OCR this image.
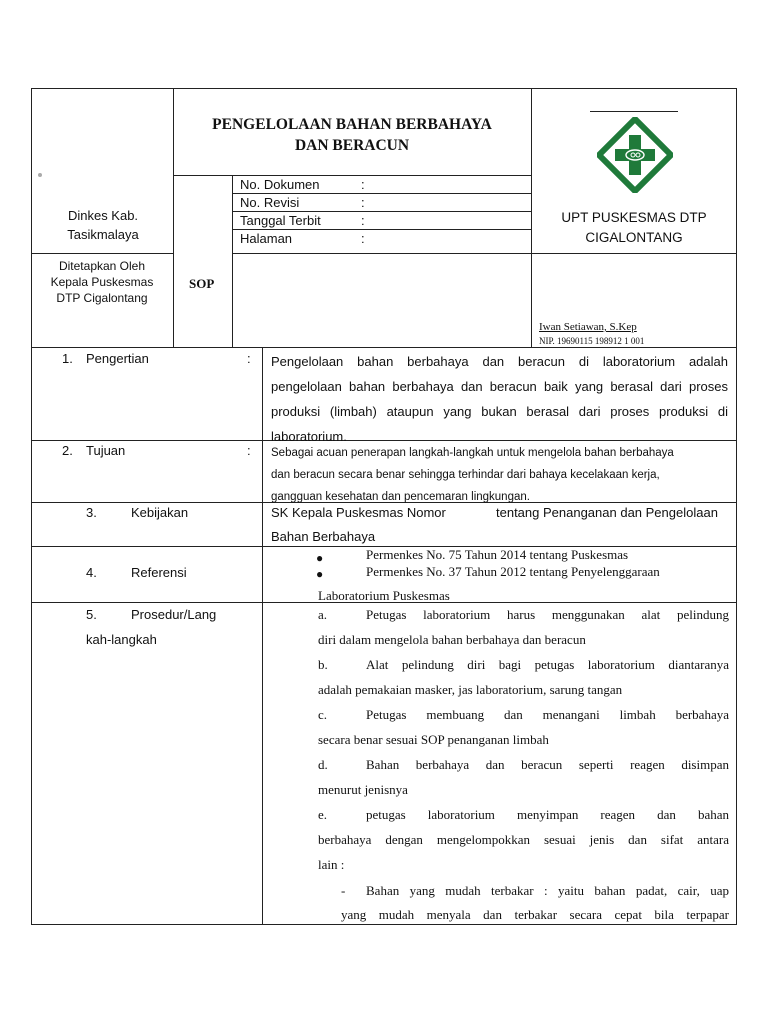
PENGELOLAAN BAHAN BERBAHAYA
DAN BERACUN
Dinkes Kab.
Tasikmalaya
Ditetapkan Oleh
Kepala Puskesmas
DTP Cigalontang
SOP
No. Dokumen	:
No. Revisi	:
Tanggal Terbit	:
Halaman	:
UPT PUSKESMAS DTP
CIGALONTANG
Iwan Setiawan, S.Kep
NIP. 19690115 198912 1 001
1. Pengertian	: Pengelolaan bahan berbahaya dan beracun di laboratorium adalah
pengelolaan bahan berbahaya dan beracun baik yang berasal dari proses
produksi (limbah) ataupun yang bukan berasal dari proses produksi di
laboratorium.
2. Tujuan	: Sebagai acuan penerapan langkah-langkah untuk mengelola bahan berbahaya
dan beracun secara benar sehingga terhindar dari bahaya kecelakaan kerja,
gangguan kesehatan dan pencemaran lingkungan.
3.	Kebijakan	SK Kepala Puskesmas Nomor	tentang Penanganan dan Pengelolaan
Bahan Berbahaya
4.	Referensi
●	Permenkes No. 75 Tahun 2014 tentang Puskesmas
●	Permenkes No. 37 Tahun 2012 tentang Penyelenggaraan
Laboratorium Puskesmas
5.	Prosedur/Lang
kah-langkah
a.	Petugas laboratorium harus menggunakan alat pelindung
diri dalam mengelola bahan berbahaya dan beracun
b.	Alat pelindung diri bagi petugas laboratorium diantaranya
adalah pemakaian masker, jas laboratorium, sarung tangan
c.	Petugas membuang dan menangani limbah berbahaya
secara benar sesuai SOP penanganan limbah
d.	Bahan berbahaya dan beracun seperti reagen disimpan
menurut jenisnya
e.	petugas laboratorium menyimpan reagen dan bahan
berbahaya dengan mengelompokkan sesuai jenis dan sifat antara
lain :
- Bahan yang mudah terbakar : yaitu bahan padat, cair, uap
yang mudah menyala dan terbakar secara cepat bila terpapar
